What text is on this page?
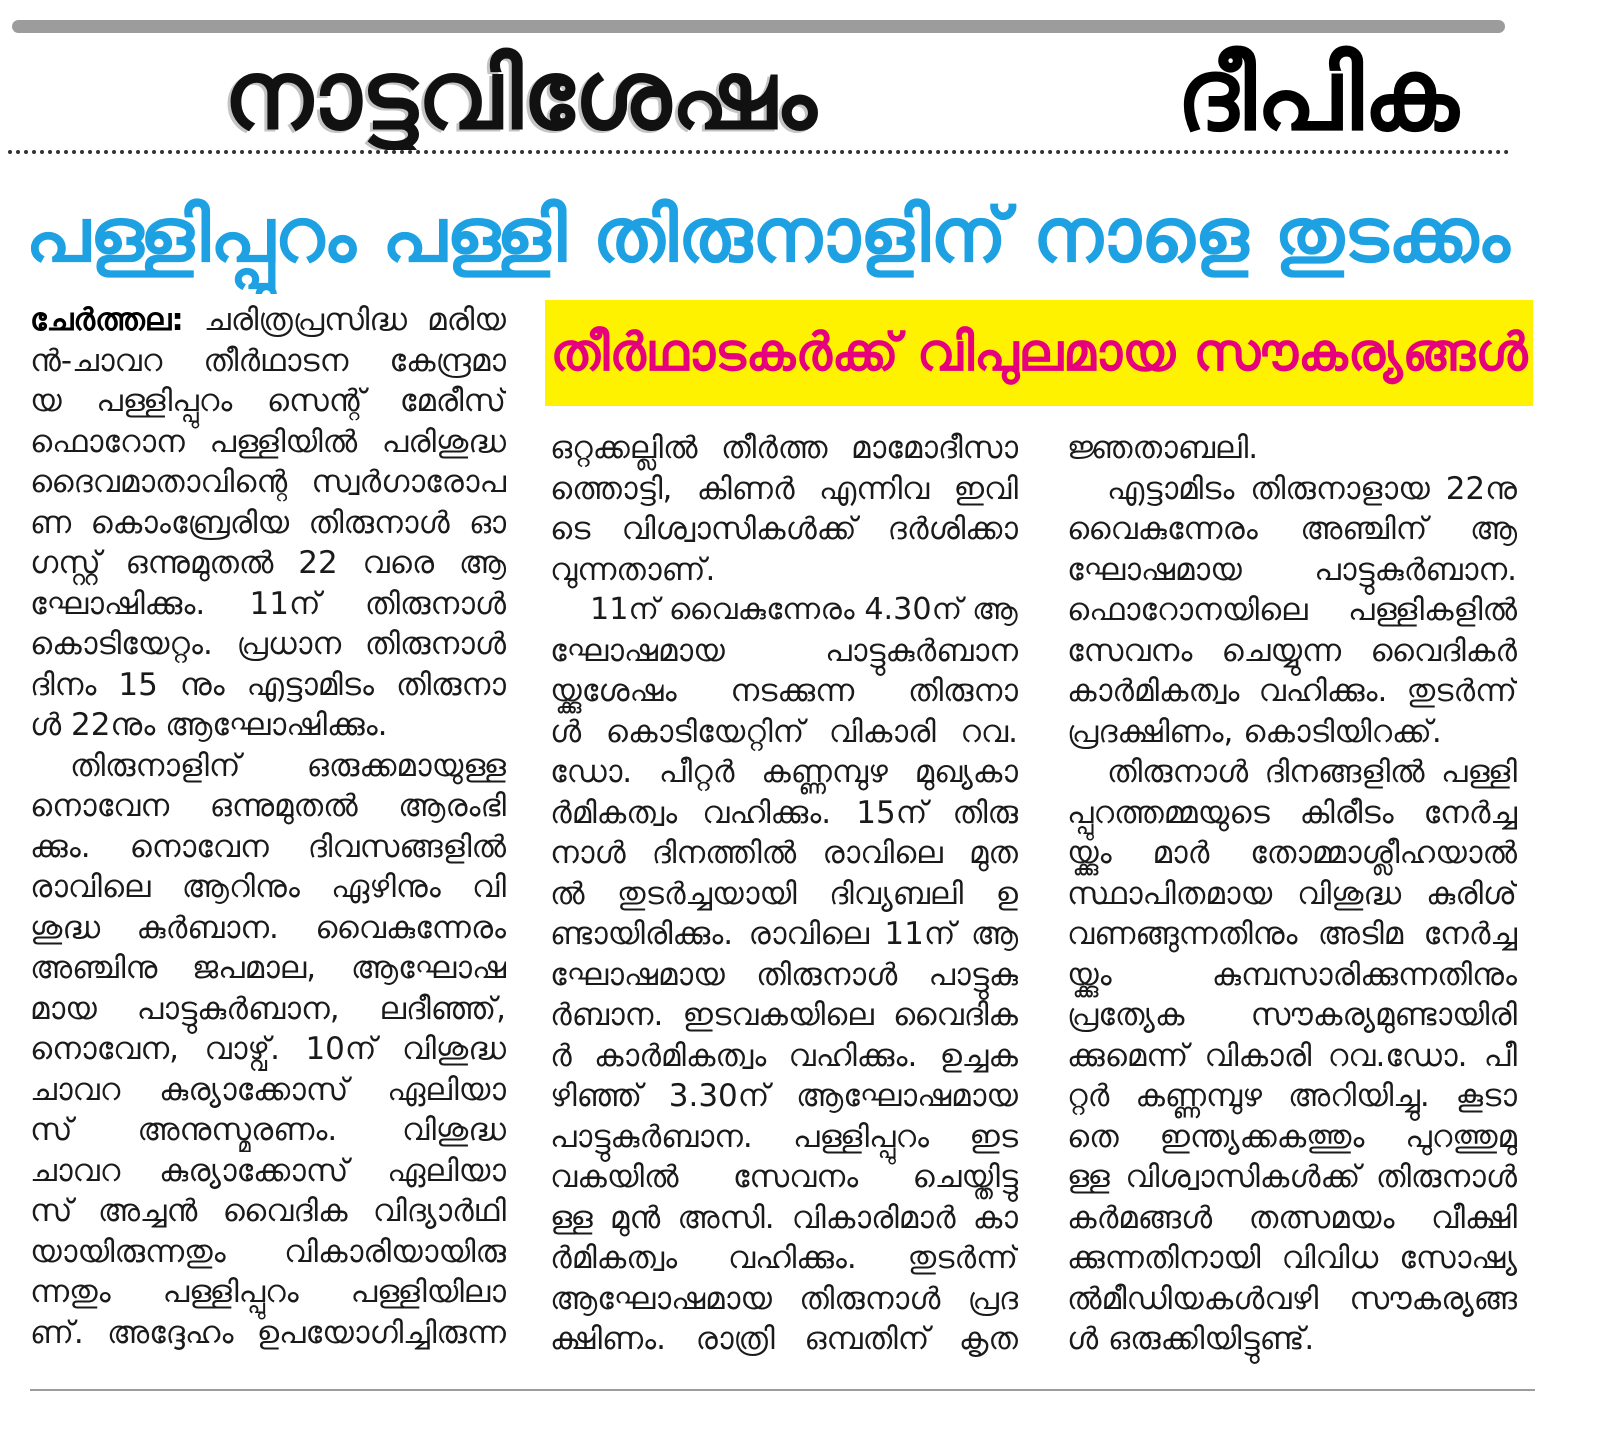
നാട്ടുവിശേഷം	ദീപിക
പള്ളിപ്പുറം പള്ളി തിരുനാളിന് നാളെ തുടക്കം
തീർഥാടകർക്ക് വിപുലമായ സൗകര്യങ്ങൾ
ചേർത്തല: ചരിത്രപ്രസിദ്ധ മരിയ
ൻ-ചാവറ തീർഥാടന കേന്ദ്രമാ
യ പള്ളിപ്പുറം സെന്റ് മേരീസ്
ഫൊറോന പള്ളിയിൽ പരിശുദ്ധ
ദൈവമാതാവിന്റെ സ്വർഗാരോപ
ണ കൊംബ്രേരിയ തിരുനാൾ ഓ
ഗസ്റ്റ് ഒന്നുമുതൽ 22 വരെ ആ
ഘോഷിക്കും. 11ന് തിരുനാൾ
കൊടിയേറ്റം. പ്രധാന തിരുനാൾ
ദിനം 15 നും എട്ടാമിടം തിരുനാ
ൾ 22നും ആഘോഷിക്കും.
തിരുനാളിന് ഒരുക്കമായുള്ള
നൊവേന ഒന്നുമുതൽ ആരംഭി
ക്കും. നൊവേന ദിവസങ്ങളിൽ
രാവിലെ ആറിനും ഏഴിനും വി
ശുദ്ധ കുർബാന. വൈകുന്നേരം
അഞ്ചിനു ജപമാല, ആഘോഷ
മായ പാട്ടുകുർബാന, ലദീഞ്ഞ്,
നൊവേന, വാഴ്വ്. 10ന് വിശുദ്ധ
ചാവറ കുര്യാക്കോസ് ഏലിയാ
സ് അനുസ്മരണം. വിശുദ്ധ
ചാവറ കുര്യാക്കോസ് ഏലിയാ
സ് അച്ചൻ വൈദിക വിദ്യാർഥി
യായിരുന്നതും വികാരിയായിരു
ന്നതും പള്ളിപ്പുറം പള്ളിയിലാ
ണ്. അദ്ദേഹം ഉപയോഗിച്ചിരുന്ന
ഒറ്റക്കല്ലിൽ തീർത്ത മാമോദീസാ
ത്തൊട്ടി, കിണർ എന്നിവ ഇവി
ടെ വിശ്വാസികൾക്ക് ദർശിക്കാ
വുന്നതാണ്.
11ന് വൈകുന്നേരം 4.30ന് ആ
ഘോഷമായ പാട്ടുകുർബാന
യ്ക്കുശേഷം നടക്കുന്ന തിരുനാ
ൾ കൊടിയേറ്റിന് വികാരി റവ.
ഡോ. പീറ്റർ കണ്ണമ്പുഴ മുഖ്യകാ
ർമികത്വം വഹിക്കും. 15ന് തിരു
നാൾ ദിനത്തിൽ രാവിലെ മുത
ൽ തുടർച്ചയായി ദിവ്യബലി ഉ
ണ്ടായിരിക്കും. രാവിലെ 11ന് ആ
ഘോഷമായ തിരുനാൾ പാട്ടുകു
ർബാന. ഇടവകയിലെ വൈദിക
ർ കാർമികത്വം വഹിക്കും. ഉച്ചക
ഴിഞ്ഞ് 3.30ന് ആഘോഷമായ
പാട്ടുകുർബാന. പള്ളിപ്പുറം ഇട
വകയിൽ സേവനം ചെയ്തിട്ടു
ള്ള മുൻ അസി. വികാരിമാർ കാ
ർമികത്വം വഹിക്കും. തുടർന്ന്
ആഘോഷമായ തിരുനാൾ പ്രദ
ക്ഷിണം. രാത്രി ഒമ്പതിന് കൃത
ജ്ഞതാബലി.
എട്ടാമിടം തിരുനാളായ 22നു
വൈകുന്നേരം അഞ്ചിന് ആ
ഘോഷമായ പാട്ടുകുർബാന.
ഫൊറോനയിലെ പള്ളികളിൽ
സേവനം ചെയ്യുന്ന വൈദികർ
കാർമികത്വം വഹിക്കും. തുടർന്ന്
പ്രദക്ഷിണം, കൊടിയിറക്ക്.
തിരുനാൾ ദിനങ്ങളിൽ പള്ളി
പ്പുറത്തമ്മയുടെ കിരീടം നേർച്ച
യ്ക്കും മാർ തോമ്മാശ്ലീഹയാൽ
സ്ഥാപിതമായ വിശുദ്ധ കുരിശ്
വണങ്ങുന്നതിനും അടിമ നേർച്ച
യ്ക്കും കുമ്പസാരിക്കുന്നതിനും
പ്രത്യേക സൗകര്യമുണ്ടായിരി
ക്കുമെന്ന് വികാരി റവ.ഡോ. പീ
റ്റർ കണ്ണമ്പുഴ അറിയിച്ചു. കൂടാ
തെ ഇന്ത്യക്കകത്തും പുറത്തുമു
ള്ള വിശ്വാസികൾക്ക് തിരുനാൾ
കർമങ്ങൾ തത്സമയം വീക്ഷി
ക്കുന്നതിനായി വിവിധ സോഷ്യ
ൽമീഡിയകൾവഴി സൗകര്യങ്ങ
ൾ ഒരുക്കിയിട്ടുണ്ട്.
